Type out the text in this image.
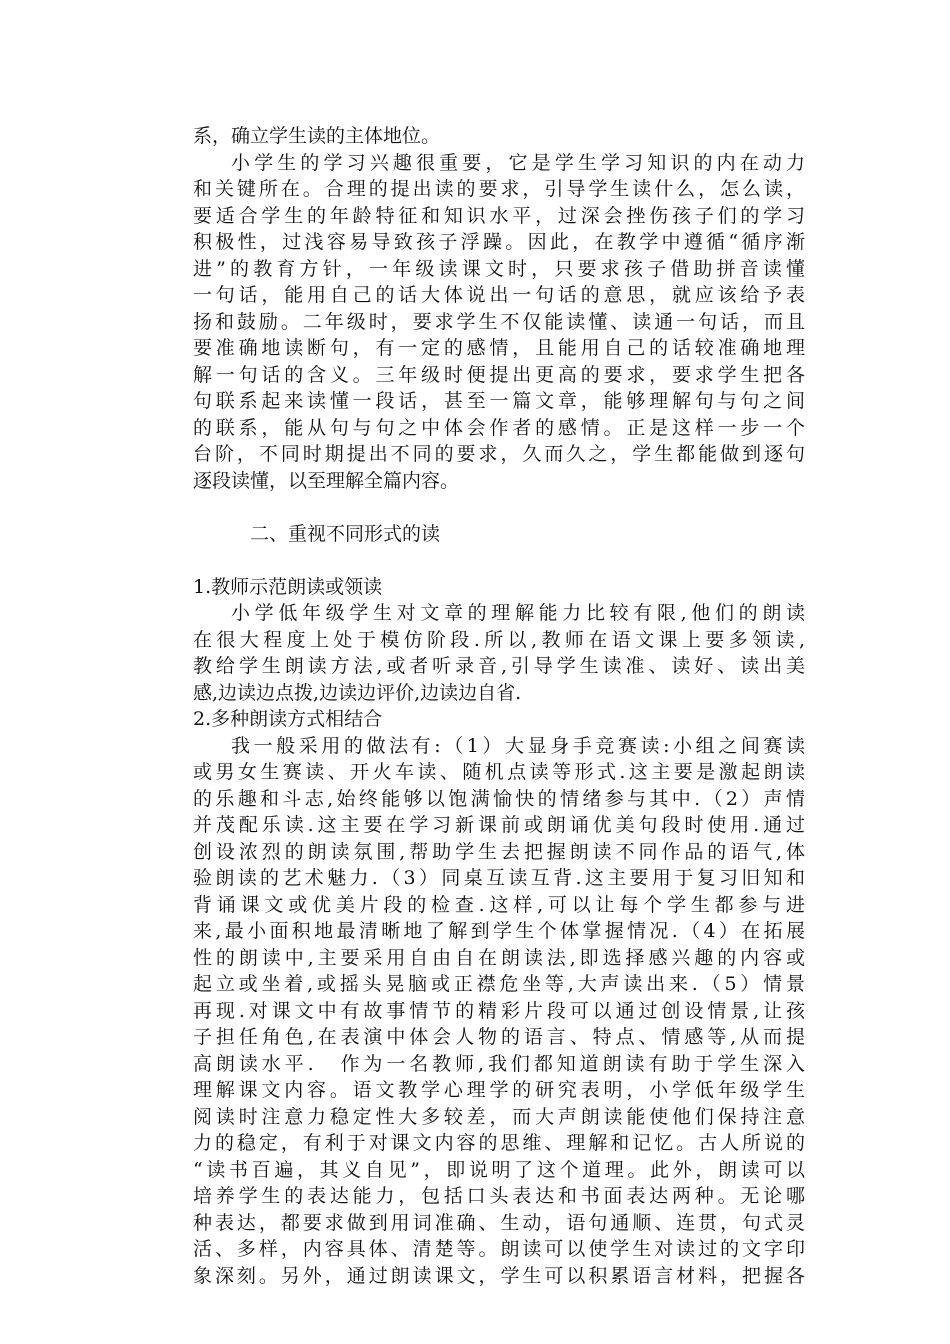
系，确立学生读的主体地位。
小学生的学习兴趣很重要，它是学生学习知识的内在动力
和关键所在。合理的提出读的要求，引导学生读什么，怎么读，
要适合学生的年龄特征和知识水平，过深会挫伤孩子们的学习
积极性，过浅容易导致孩子浮躁。因此，在教学中遵循“循序渐
进”的教育方针，一年级读课文时，只要求孩子借助拼音读懂
一句话，能用自己的话大体说出一句话的意思，就应该给予表
扬和鼓励。二年级时，要求学生不仅能读懂、读通一句话，而且
要准确地读断句，有一定的感情，且能用自己的话较准确地理
解一句话的含义。三年级时便提出更高的要求，要求学生把各
句联系起来读懂一段话，甚至一篇文章，能够理解句与句之间
的联系，能从句与句之中体会作者的感情。正是这样一步一个
台阶，不同时期提出不同的要求，久而久之，学生都能做到逐句
逐段读懂，以至理解全篇内容。
二、重视不同形式的读
1.教师示范朗读或领读
小学低年级学生对文章的理解能力比较有限,他们的朗读
在很大程度上处于模仿阶段.所以,教师在语文课上要多领读,
教给学生朗读方法,或者听录音,引导学生读准、读好、读出美
感,边读边点拨,边读边评价,边读边自省.
2.多种朗读方式相结合
我一般采用的做法有:（1）大显身手竞赛读:小组之间赛读
或男女生赛读、开火车读、随机点读等形式.这主要是激起朗读
的乐趣和斗志,始终能够以饱满愉快的情绪参与其中.（2）声情
并茂配乐读.这主要在学习新课前或朗诵优美句段时使用.通过
创设浓烈的朗读氛围,帮助学生去把握朗读不同作品的语气,体
验朗读的艺术魅力.（3）同桌互读互背.这主要用于复习旧知和
背诵课文或优美片段的检查.这样,可以让每个学生都参与进
来,最小面积地最清晰地了解到学生个体掌握情况.（4）在拓展
性的朗读中,主要采用自由自在朗读法,即选择感兴趣的内容或
起立或坐着,或摇头晃脑或正襟危坐等,大声读出来.（5）情景
再现.对课文中有故事情节的精彩片段可以通过创设情景,让孩
子担任角色,在表演中体会人物的语言、特点、情感等,从而提
高朗读水平.　作为一名教师,我们都知道朗读有助于学生深入
理解课文内容。语文教学心理学的研究表明，小学低年级学生
阅读时注意力稳定性大多较差，而大声朗读能使他们保持注意
力的稳定，有利于对课文内容的思维、理解和记忆。古人所说的
“读书百遍，其义自见”，即说明了这个道理。此外，朗读可以
培养学生的表达能力，包括口头表达和书面表达两种。无论哪
种表达，都要求做到用词准确、生动，语句通顺、连贯，句式灵
活、多样，内容具体、清楚等。朗读可以使学生对读过的文字印
象深刻。另外，通过朗读课文，学生可以积累语言材料，把握各
